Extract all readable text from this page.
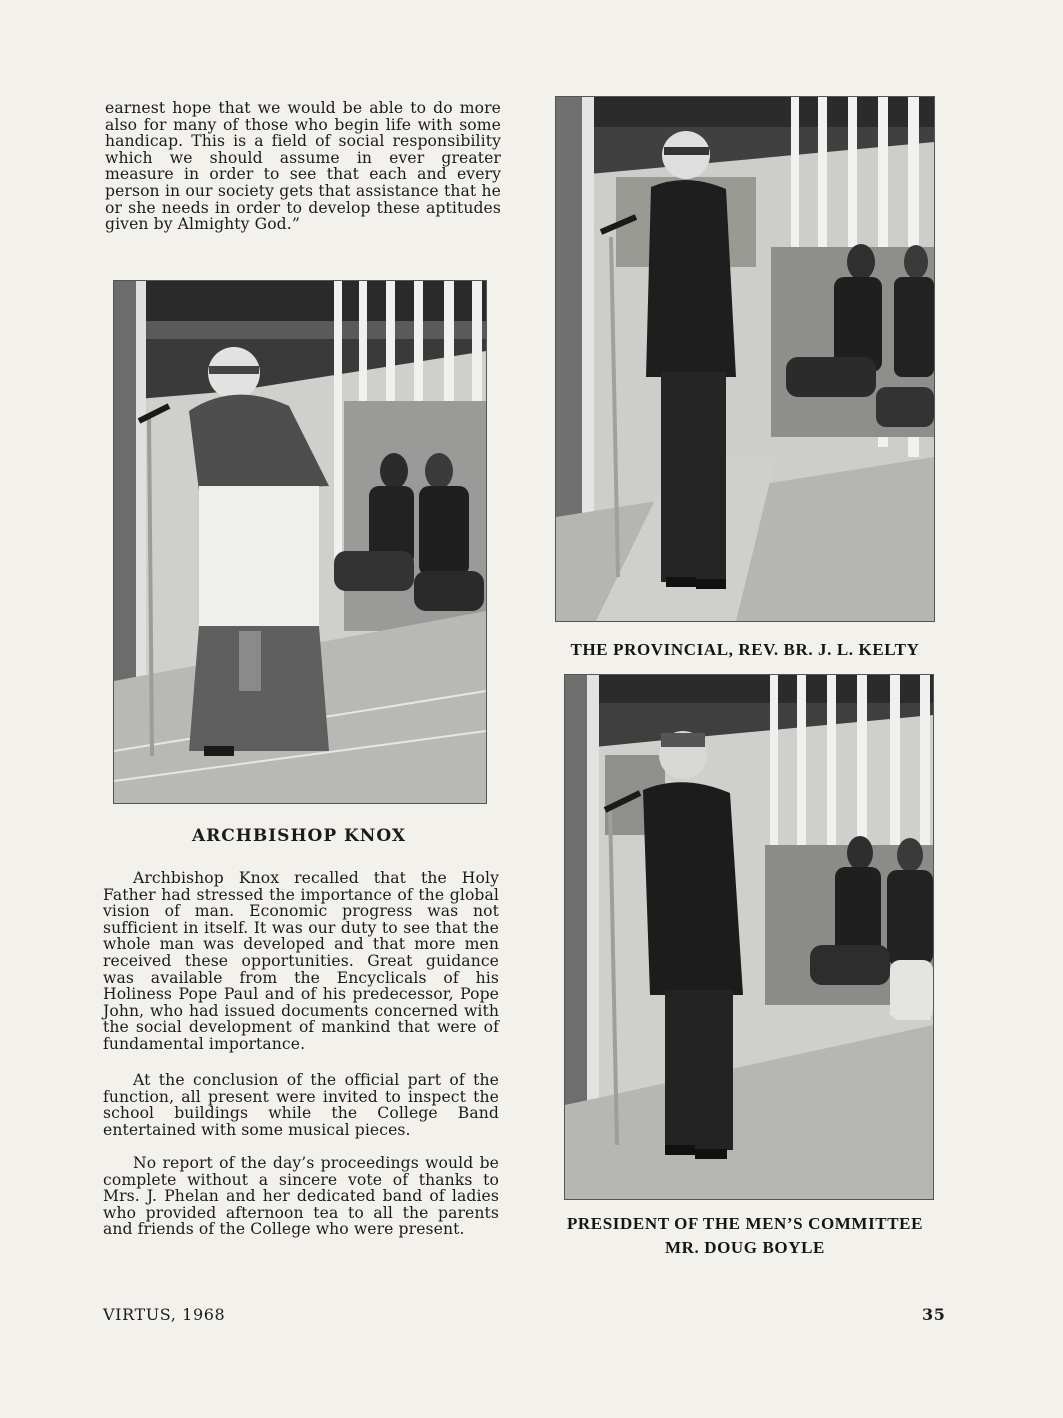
earnest hope that we would be able to do more also for many of those who begin life with some handicap. This is a field of social responsibility which we should assume in ever greater measure in order to see that each and every person in our society gets that assistance that he or she needs in order to develop these aptitudes given by Almighty God.”

ARCHBISHOP KNOX

Archbishop Knox recalled that the Holy Father had stressed the importance of the global vision of man. Economic progress was not sufficient in itself. It was our duty to see that the whole man was developed and that more men received these opportunities. Great guidance was available from the Encyclicals of his Holiness Pope Paul and of his predecessor, Pope John, who had issued documents concerned with the social development of mankind that were of fundamental importance.

At the conclusion of the official part of the function, all present were invited to inspect the school buildings while the College Band entertained with some musical pieces.

No report of the day’s proceedings would be complete without a sincere vote of thanks to Mrs. J. Phelan and her dedicated band of ladies who provided afternoon tea to all the parents and friends of the College who were present.

THE PROVINCIAL, REV. BR. J. L. KELTY
PRESIDENT OF THE MEN’S COMMITTEE
MR. DOUG BOYLE
VIRTUS, 1968	35
